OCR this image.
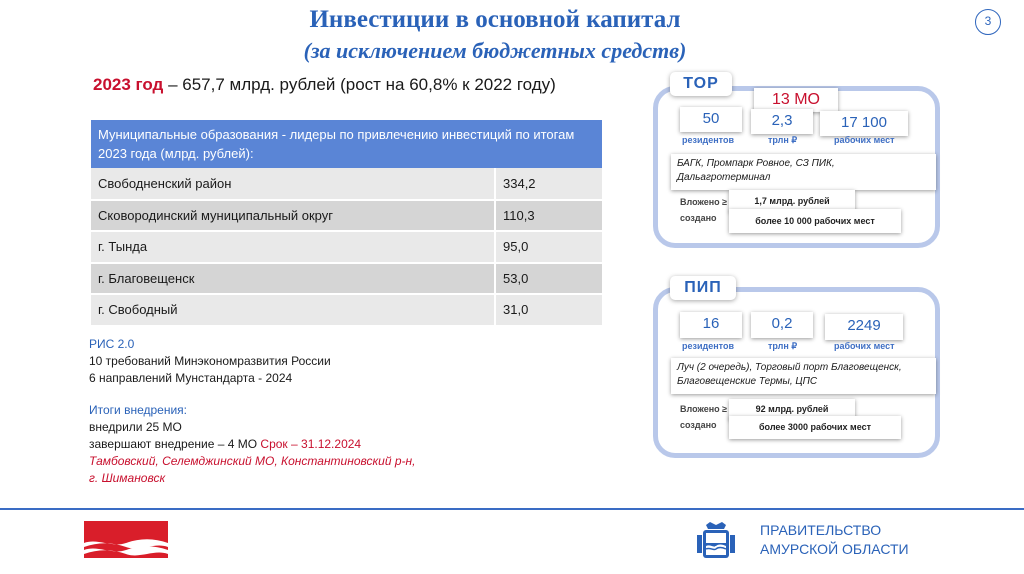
Инвестиции в основной капитал
(за исключением бюджетных средств)
3
2023 год – 657,7 млрд. рублей (рост на 60,8% к 2022 году)
Муниципальные образования - лидеры по привлечению инвестиций по итогам 2023 года (млрд. рублей):	
Свободненский район	334,2
Сковородинский муниципальный округ	110,3
г. Тында	95,0
г. Благовещенск	53,0
г. Свободный	31,0
РИС 2.0
10 требований Минэкономразвития России
6 направлений Мунстандарта - 2024
Итоги внедрения:
внедрили 25 МО
завершают внедрение – 4 МО Срок – 31.12.2024
Тамбовский, Селемджинский МО, Константиновский р-н,
г. Шимановск
ТОР
13 МО
50	2,3	17 100
резидентов	трлн ₽	рабочих мест
БАГК, Промпарк Ровное, СЗ ПИК, Дальагротерминал
Вложено ≥
создано
1,7 млрд. рублей
более 10 000 рабочих мест
ПИП
16	0,2	2249
резидентов	трлн ₽	рабочих мест
Луч (2 очередь), Торговый порт Благовещенск, Благовещенские Термы, ЦПС
Вложено ≥
создано
92 млрд. рублей
более 3000 рабочих мест
ПРАВИТЕЛЬСТВО
АМУРСКОЙ ОБЛАСТИ
